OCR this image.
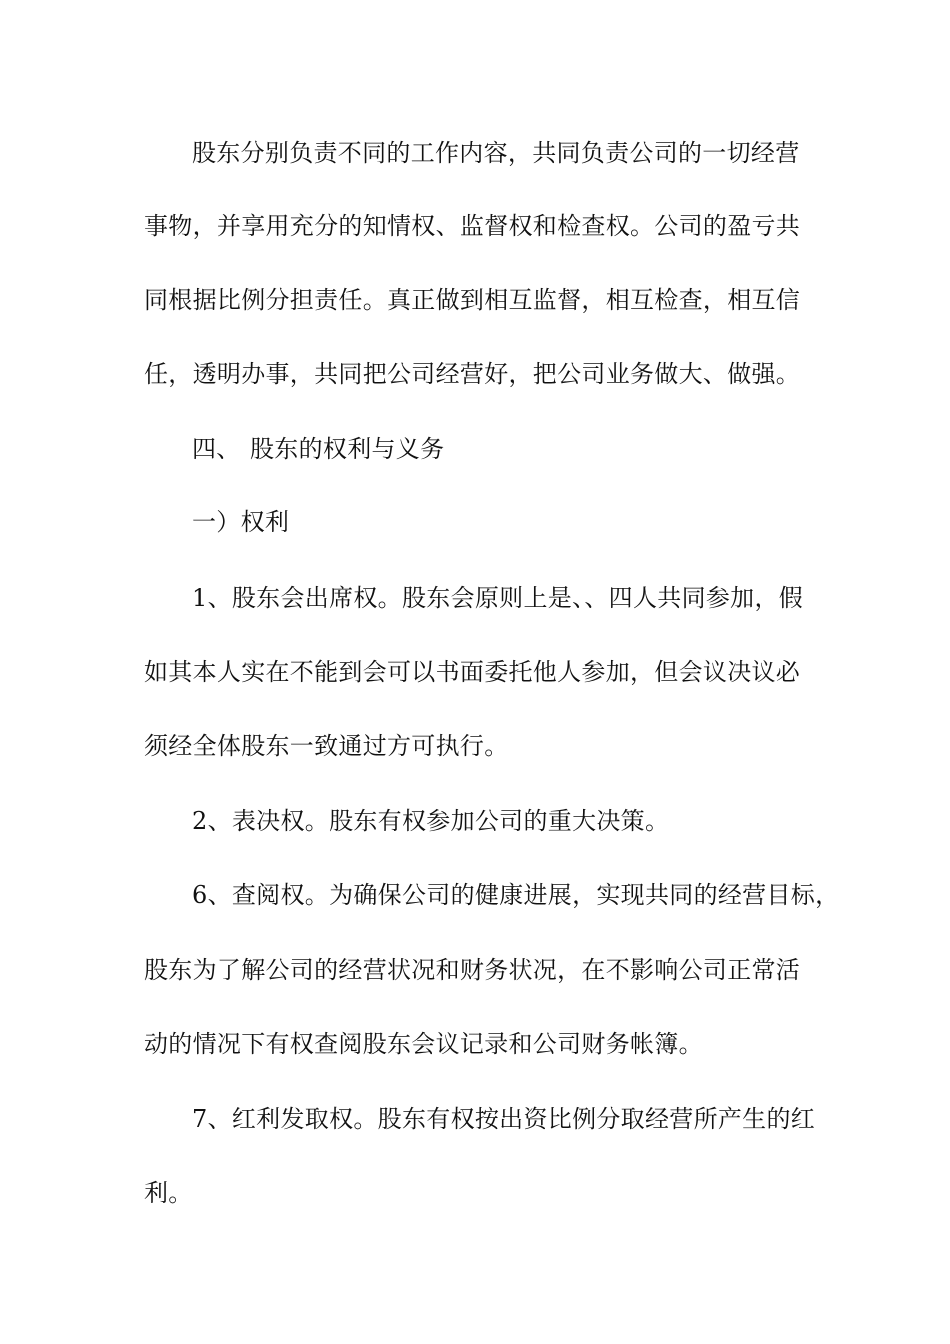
股东分别负责不同的工作内容，共同负责公司的一切经营
事物，并享用充分的知情权、监督权和检查权。公司的盈亏共
同根据比例分担责任。真正做到相互监督，相互检查，相互信
任，透明办事，共同把公司经营好，把公司业务做大、做强。
四、 股东的权利与义务
一）权利
1、股东会出席权。股东会原则上是、、四人共同参加，假
如其本人实在不能到会可以书面委托他人参加，但会议决议必
须经全体股东一致通过方可执行。
2、表决权。股东有权参加公司的重大决策。
6、查阅权。为确保公司的健康进展，实现共同的经营目标，
股东为了解公司的经营状况和财务状况，在不影响公司正常活
动的情况下有权查阅股东会议记录和公司财务帐簿。
7、红利发取权。股东有权按出资比例分取经营所产生的红
利。
